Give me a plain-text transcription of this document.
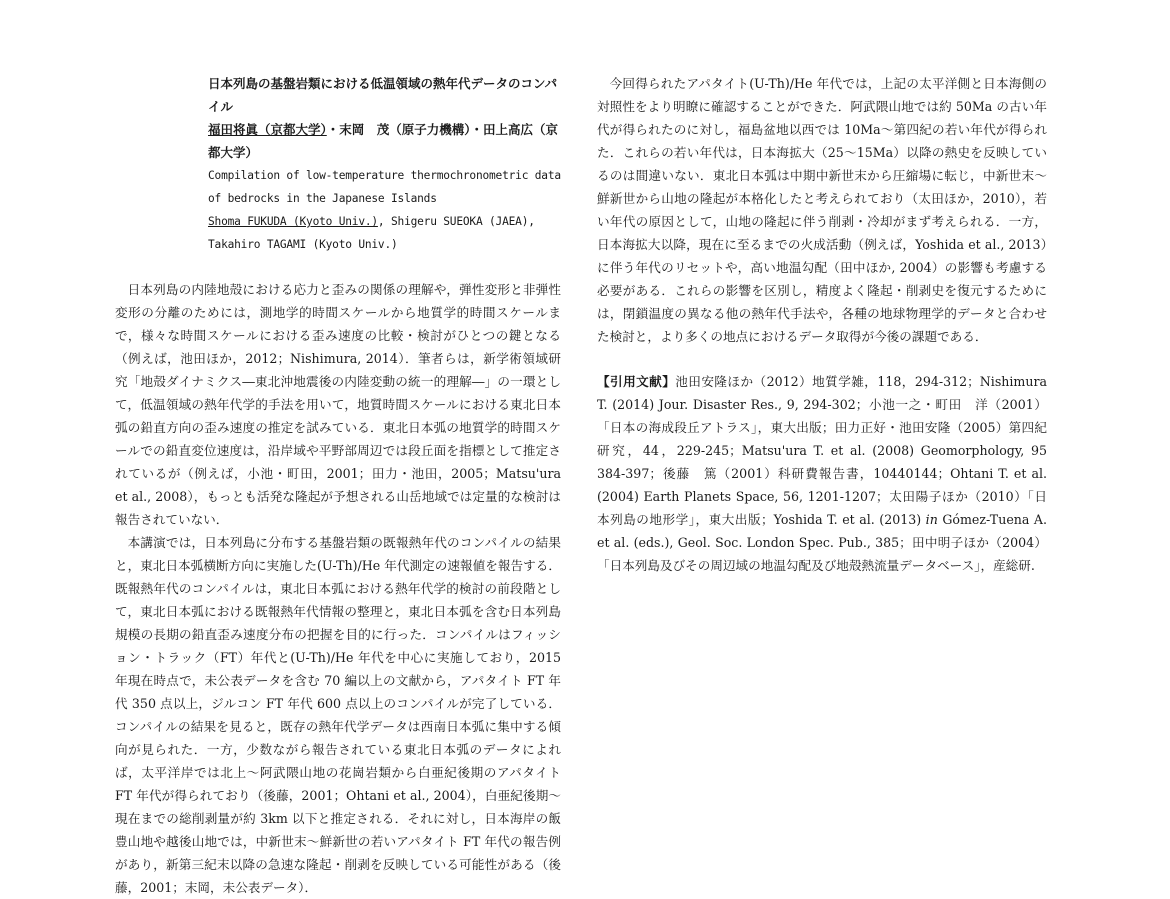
日本列島の基盤岩類における低温領域の熱年代データのコンパイル
福田将眞（京都大学）・末岡　茂（原子力機構）・田上高広（京都大学）
Compilation of low-temperature thermochronometric data of bedrocks in the Japanese Islands
Shoma FUKUDA (Kyoto Univ.), Shigeru SUEOKA (JAEA), Takahiro TAGAMI (Kyoto Univ.)

日本列島の内陸地殻における応力と歪みの関係の理解や，弾性変形と非弾性変形の分離のためには，測地学的時間スケールから地質学的時間スケールまで，様々な時間スケールにおける歪み速度の比較・検討がひとつの鍵となる（例えば，池田ほか，2012；Nishimura, 2014）．筆者らは，新学術領域研究「地殻ダイナミクス―東北沖地震後の内陸変動の統一的理解―」の一環として，低温領域の熱年代学的手法を用いて，地質時間スケールにおける東北日本弧の鉛直方向の歪み速度の推定を試みている．東北日本弧の地質学的時間スケールでの鉛直変位速度は，沿岸域や平野部周辺では段丘面を指標として推定されているが（例えば，小池・町田，2001；田力・池田，2005；Matsu'ura et al., 2008），もっとも活発な隆起が予想される山岳地域では定量的な検討は報告されていない．

本講演では，日本列島に分布する基盤岩類の既報熱年代のコンパイルの結果と，東北日本弧横断方向に実施した(U-Th)/He 年代測定の速報値を報告する．既報熱年代のコンパイルは，東北日本弧における熱年代学的検討の前段階として，東北日本弧における既報熱年代情報の整理と，東北日本弧を含む日本列島規模の長期の鉛直歪み速度分布の把握を目的に行った．コンパイルはフィッション・トラック（FT）年代と(U-Th)/He 年代を中心に実施しており，2015 年現在時点で，未公表データを含む 70 編以上の文献から，アパタイト FT 年代 350 点以上，ジルコン FT 年代 600 点以上のコンパイルが完了している．コンパイルの結果を見ると，既存の熱年代学データは西南日本弧に集中する傾向が見られた．一方，少数ながら報告されている東北日本弧のデータによれば，太平洋岸では北上～阿武隈山地の花崗岩類から白亜紀後期のアパタイト FT 年代が得られており（後藤，2001；Ohtani et al., 2004），白亜紀後期～現在までの総削剥量が約 3km 以下と推定される．それに対し，日本海岸の飯豊山地や越後山地では，中新世末～鮮新世の若いアパタイト FT 年代の報告例があり，新第三紀末以降の急速な隆起・削剥を反映している可能性がある（後藤，2001；末岡，未公表データ）．

今回得られたアパタイト(U-Th)/He 年代では，上記の太平洋側と日本海側の対照性をより明瞭に確認することができた．阿武隈山地では約 50Ma の古い年代が得られたのに対し，福島盆地以西では 10Ma～第四紀の若い年代が得られた．これらの若い年代は，日本海拡大（25～15Ma）以降の熱史を反映しているのは間違いない．東北日本弧は中期中新世末から圧縮場に転じ，中新世末～鮮新世から山地の隆起が本格化したと考えられており（太田ほか，2010），若い年代の原因として，山地の隆起に伴う削剥・冷却がまず考えられる．一方，日本海拡大以降，現在に至るまでの火成活動（例えば，Yoshida et al., 2013）に伴う年代のリセットや，高い地温勾配（田中ほか, 2004）の影響も考慮する必要がある．これらの影響を区別し，精度よく隆起・削剥史を復元するためには，閉鎖温度の異なる他の熱年代手法や，各種の地球物理学的データと合わせた検討と，より多くの地点におけるデータ取得が今後の課題である．

【引用文献】池田安隆ほか（2012）地質学雑，118，294-312；Nishimura T. (2014) Jour. Disaster Res., 9, 294-302；小池一之・町田　洋（2001）「日本の海成段丘アトラス」，東大出版；田力正好・池田安隆（2005）第四紀研究，44，229-245；Matsu'ura T. et al. (2008) Geomorphology, 95 384-397；後藤　篤（2001）科研費報告書，10440144；Ohtani T. et al. (2004) Earth Planets Space, 56, 1201-1207；太田陽子ほか（2010）「日本列島の地形学」，東大出版；Yoshida T. et al. (2013) in Gómez-Tuena A. et al. (eds.), Geol. Soc. London Spec. Pub., 385；田中明子ほか（2004）「日本列島及びその周辺域の地温勾配及び地殻熱流量データベース」，産総研.
